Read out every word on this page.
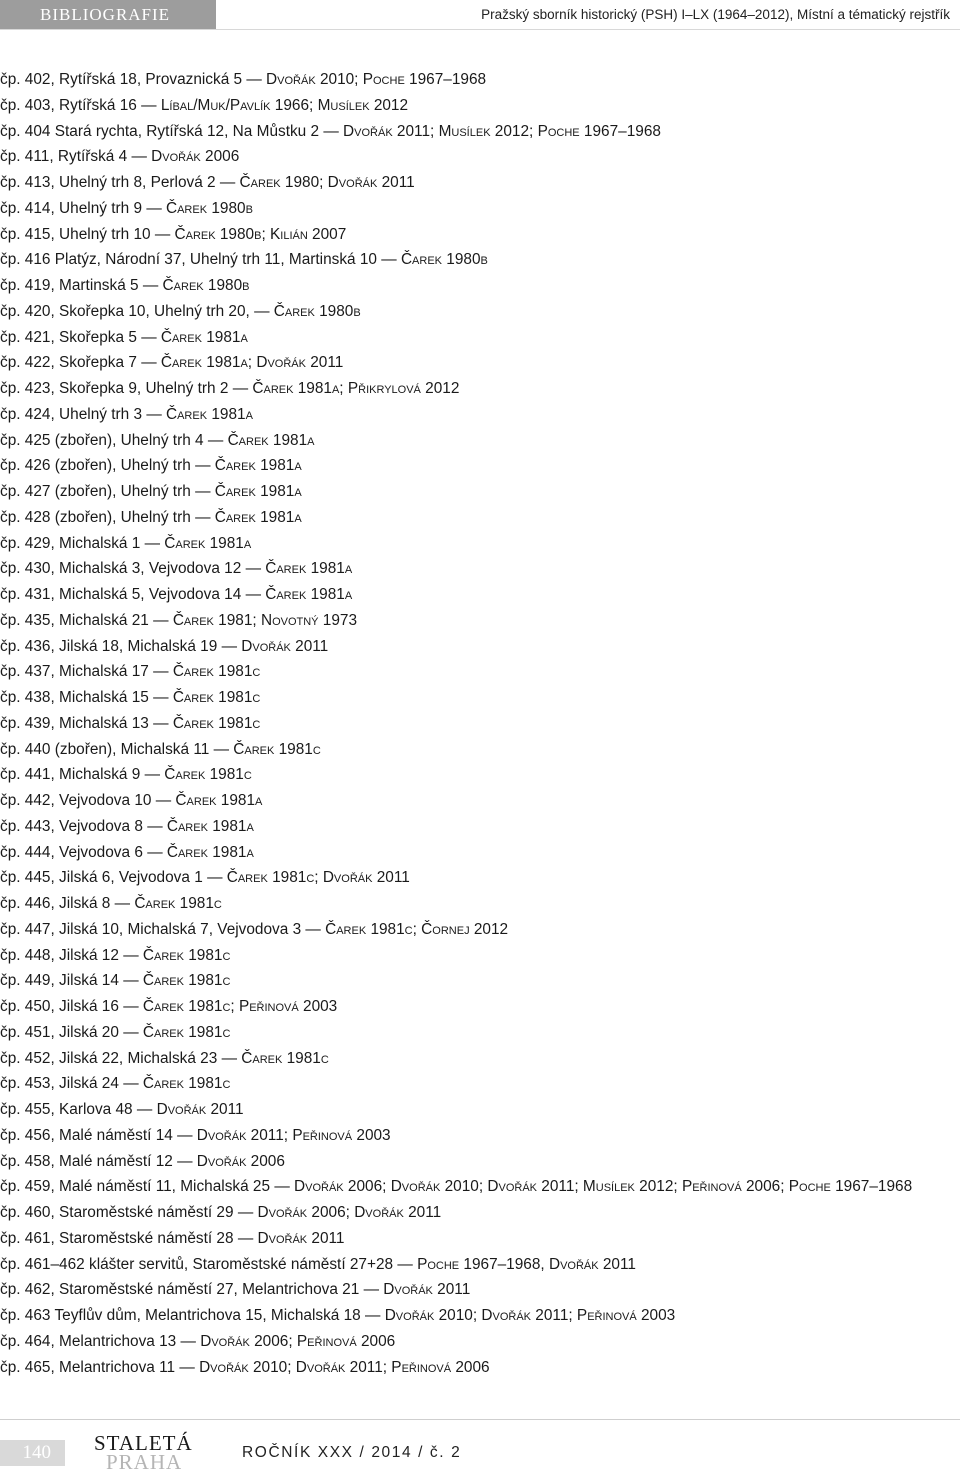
BIBLIOGRAFIE	Pražský sborník historický (PSH) I–LX (1964–2012), Místní a tématický rejstřík
čp. 402, Rytířská 18, Provaznická 5 — Dvořák 2010; Poche 1967–1968
čp. 403, Rytířská 16 — Líbal/Muk/Pavlík 1966; Musílek 2012
čp. 404 Stará rychta, Rytířská 12, Na Můstku 2 — Dvořák 2011; Musílek 2012; Poche 1967–1968
čp. 411, Rytířská 4 — Dvořák 2006
čp. 413, Uhelný trh 8, Perlová 2 — Čarek 1980; Dvořák 2011
čp. 414, Uhelný trh 9 — Čarek 1980b
čp. 415, Uhelný trh 10 — Čarek 1980b; Kilián 2007
čp. 416 Platýz, Národní 37, Uhelný trh 11, Martinská 10 — Čarek 1980b
čp. 419, Martinská 5 — Čarek 1980b
čp. 420, Skořepka 10, Uhelný trh 20, — Čarek 1980b
čp. 421, Skořepka 5 — Čarek 1981a
čp. 422, Skořepka 7 — Čarek 1981a; Dvořák 2011
čp. 423, Skořepka 9, Uhelný trh 2 — Čarek 1981a; Přikrylová 2012
čp. 424, Uhelný trh 3 — Čarek 1981a
čp. 425 (zbořen), Uhelný trh 4 — Čarek 1981a
čp. 426 (zbořen), Uhelný trh — Čarek 1981a
čp. 427 (zbořen), Uhelný trh — Čarek 1981a
čp. 428 (zbořen), Uhelný trh — Čarek 1981a
čp. 429, Michalská 1 — Čarek 1981a
čp. 430, Michalská 3, Vejvodova 12 — Čarek 1981a
čp. 431, Michalská 5, Vejvodova 14 — Čarek 1981a
čp. 435, Michalská 21 — Čarek 1981; Novotný 1973
čp. 436, Jilská 18, Michalská 19 — Dvořák 2011
čp. 437, Michalská 17 — Čarek 1981c
čp. 438, Michalská 15 — Čarek 1981c
čp. 439, Michalská 13 — Čarek 1981c
čp. 440 (zbořen), Michalská 11 — Čarek 1981c
čp. 441, Michalská 9 — Čarek 1981c
čp. 442, Vejvodova 10 — Čarek 1981a
čp. 443, Vejvodova 8 — Čarek 1981a
čp. 444, Vejvodova 6 — Čarek 1981a
čp. 445, Jilská 6, Vejvodova 1 — Čarek 1981c; Dvořák 2011
čp. 446, Jilská 8 — Čarek 1981c
čp. 447, Jilská 10, Michalská 7, Vejvodova 3 — Čarek 1981c; Čornej 2012
čp. 448, Jilská 12 — Čarek 1981c
čp. 449, Jilská 14 — Čarek 1981c
čp. 450, Jilská 16 — Čarek 1981c; Peřinová 2003
čp. 451, Jilská 20 — Čarek 1981c
čp. 452, Jilská 22, Michalská 23 — Čarek 1981c
čp. 453, Jilská 24 — Čarek 1981c
čp. 455, Karlova 48 — Dvořák 2011
čp. 456, Malé náměstí 14 — Dvořák 2011; Peřinová 2003
čp. 458, Malé náměstí 12 — Dvořák 2006
čp. 459, Malé náměstí 11, Michalská 25 — Dvořák 2006; Dvořák 2010; Dvořák 2011; Musílek 2012; Peřinová 2006; Poche 1967–1968
čp. 460, Staroměstské náměstí 29 — Dvořák 2006; Dvořák 2011
čp. 461, Staroměstské náměstí 28 — Dvořák 2011
čp. 461–462 klášter servitů, Staroměstské náměstí 27+28 — Poche 1967–1968, Dvořák 2011
čp. 462, Staroměstské náměstí 27, Melantrichova 21 — Dvořák 2011
čp. 463 Teyflův dům, Melantrichova 15, Michalská 18 — Dvořák 2010; Dvořák 2011; Peřinová 2003
čp. 464, Melantrichova 13 — Dvořák 2006; Peřinová 2006
čp. 465, Melantrichova 11 — Dvořák 2010; Dvořák 2011; Peřinová 2006
140	STALETÁ
PRAHA	ROČNÍK XXX / 2014 / č. 2
